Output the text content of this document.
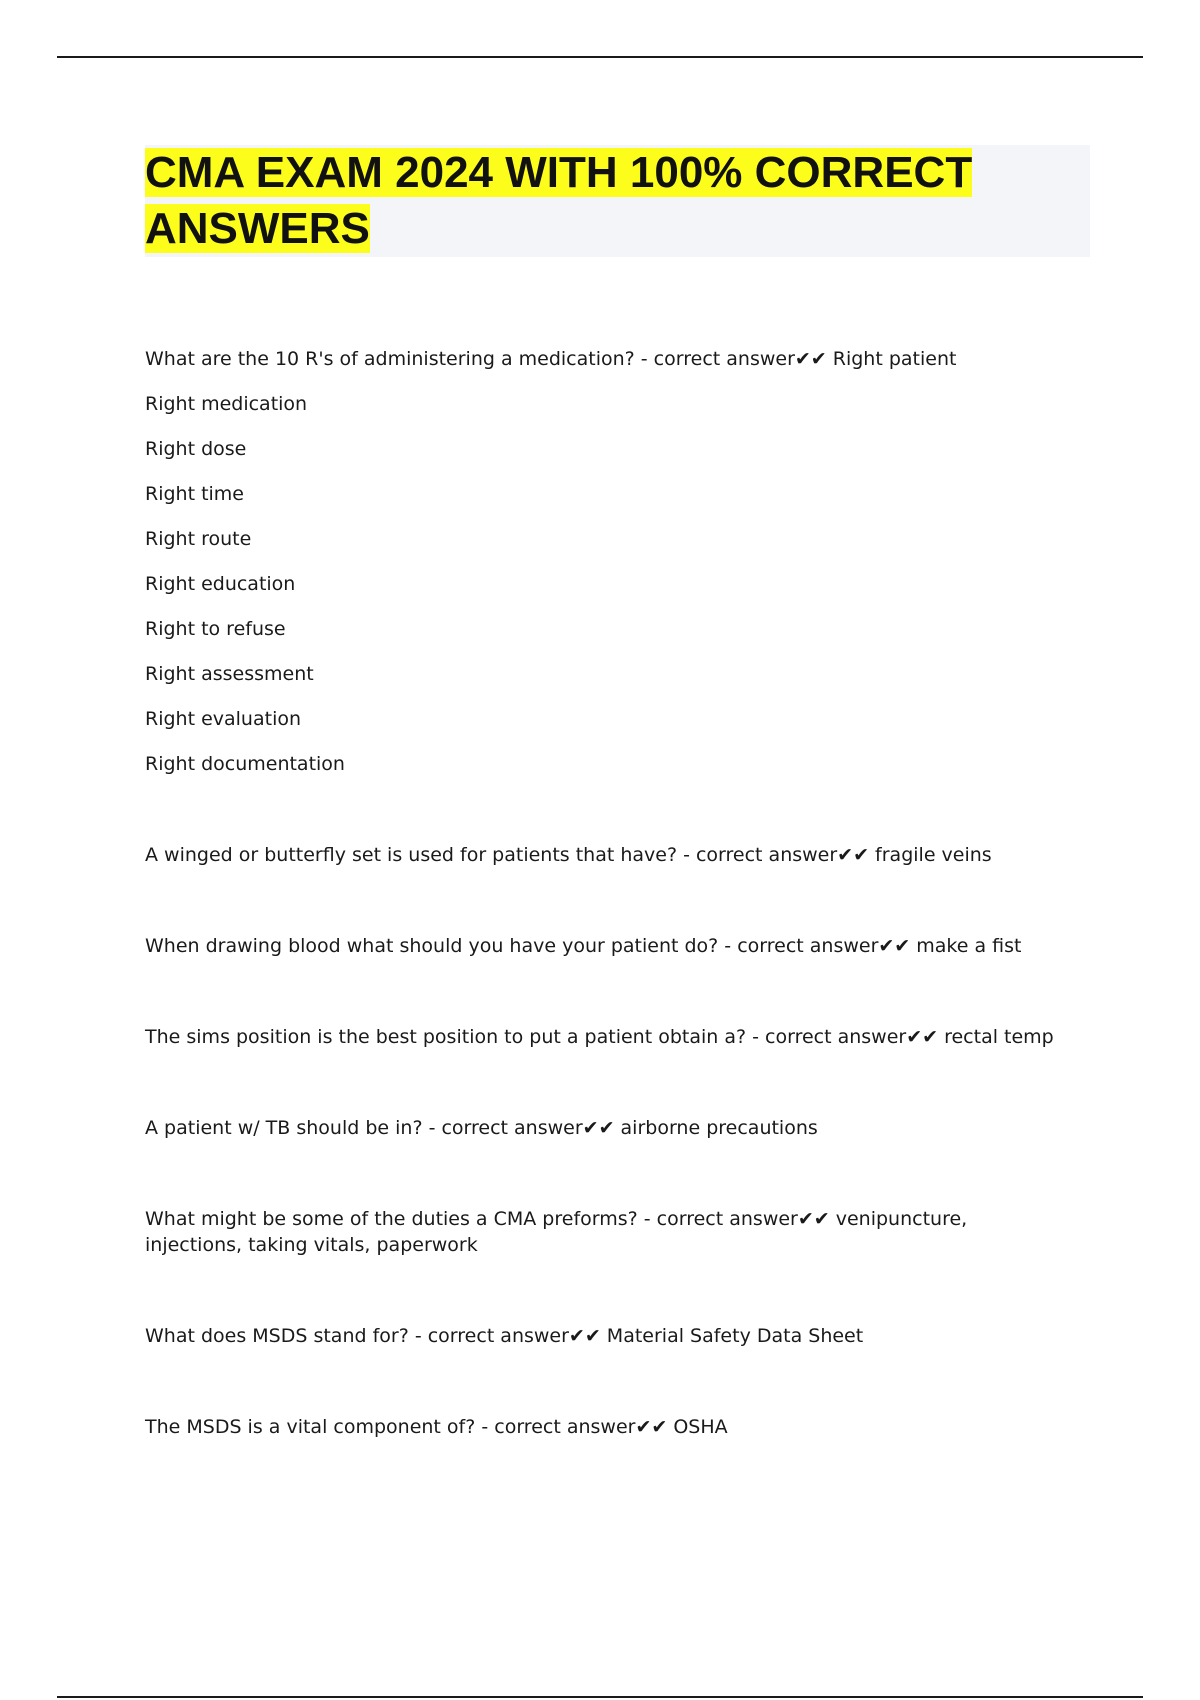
CMA EXAM 2024 WITH 100% CORRECT ANSWERS

What are the 10 R's of administering a medication? - correct answer✔✔ Right patient

Right medication

Right dose

Right time

Right route

Right education

Right to refuse

Right assessment

Right evaluation

Right documentation

A winged or butterfly set is used for patients that have? - correct answer✔✔ fragile veins

When drawing blood what should you have your patient do? - correct answer✔✔ make a fist

The sims position is the best position to put a patient obtain a? - correct answer✔✔ rectal temp

A patient w/ TB should be in? - correct answer✔✔ airborne precautions

What might be some of the duties a CMA preforms? - correct answer✔✔ venipuncture, injections, taking vitals, paperwork

What does MSDS stand for? - correct answer✔✔ Material Safety Data Sheet

The MSDS is a vital component of? - correct answer✔✔ OSHA
